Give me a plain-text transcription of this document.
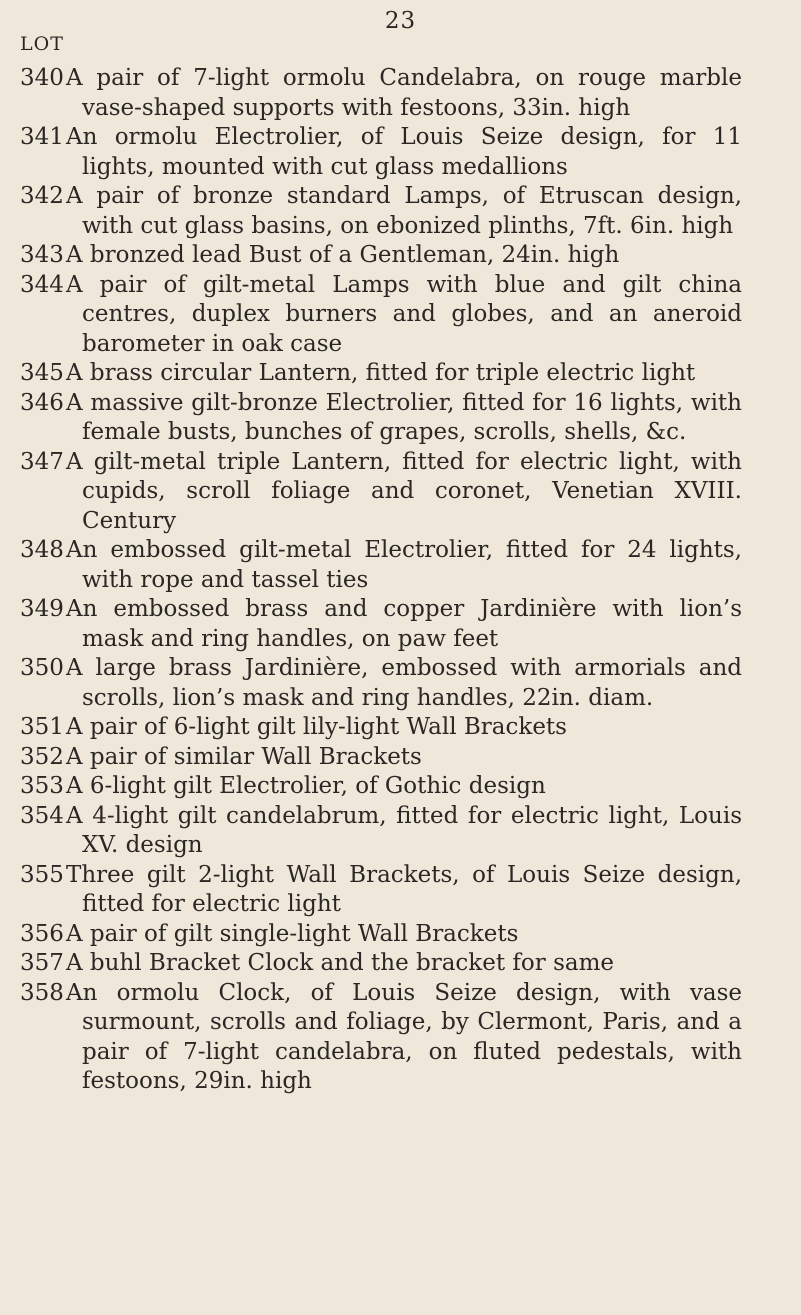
23
LOT
340 A pair of 7-light ormolu Candelabra, on rouge marble vase-shaped supports with festoons, 33in. high
341 An ormolu Electrolier, of Louis Seize design, for 11 lights, mounted with cut glass medallions
342 A pair of bronze standard Lamps, of Etruscan design, with cut glass basins, on ebonized plinths, 7ft. 6in. high
343 A bronzed lead Bust of a Gentleman, 24in. high
344 A pair of gilt-metal Lamps with blue and gilt china centres, duplex burners and globes, and an aneroid barometer in oak case
345 A brass circular Lantern, fitted for triple electric light
346 A massive gilt-bronze Electrolier, fitted for 16 lights, with female busts, bunches of grapes, scrolls, shells, &c.
347 A gilt-metal triple Lantern, fitted for electric light, with cupids, scroll foliage and coronet, Venetian XVIII. Century
348 An embossed gilt-metal Electrolier, fitted for 24 lights, with rope and tassel ties
349 An embossed brass and copper Jardinière with lion’s mask and ring handles, on paw feet
350 A large brass Jardinière, embossed with armorials and scrolls, lion’s mask and ring handles, 22in. diam.
351 A pair of 6-light gilt lily-light Wall Brackets
352 A pair of similar Wall Brackets
353 A 6-light gilt Electrolier, of Gothic design
354 A 4-light gilt candelabrum, fitted for electric light, Louis XV. design
355 Three gilt 2-light Wall Brackets, of Louis Seize design, fitted for electric light
356 A pair of gilt single-light Wall Brackets
357 A buhl Bracket Clock and the bracket for same
358 An ormolu Clock, of Louis Seize design, with vase surmount, scrolls and foliage, by Clermont, Paris, and a pair of 7-light candelabra, on fluted pedestals, with festoons, 29in. high
